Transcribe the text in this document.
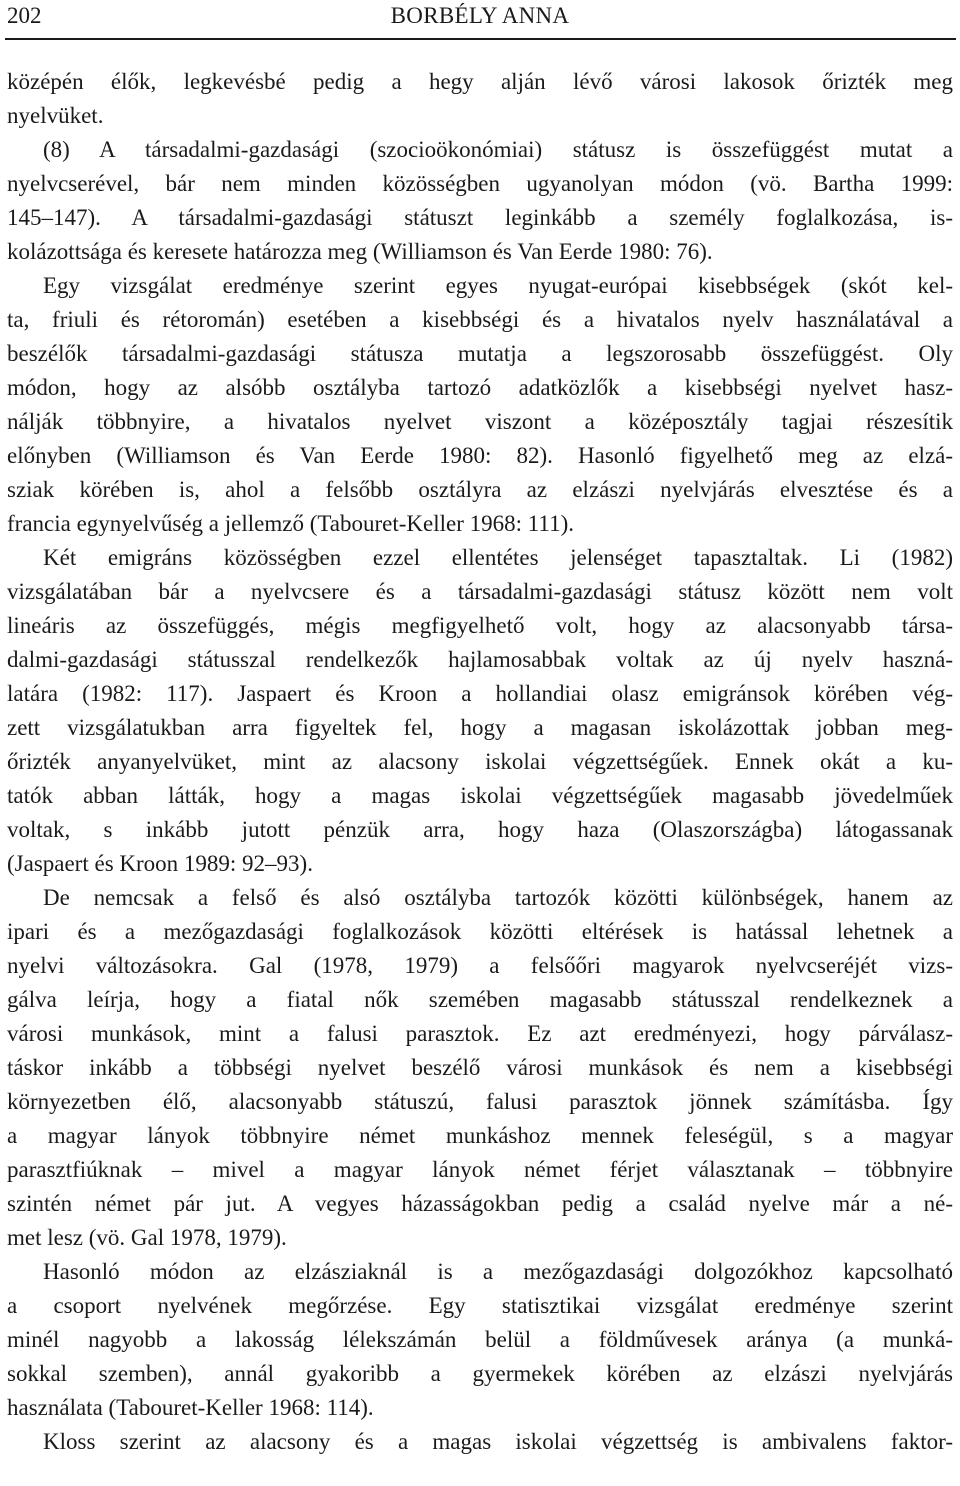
202	BORBÉLY ANNA
középén élők, legkevésbé pedig a hegy alján lévő városi lakosok őrizték meg
nyelvüket.
(8) A társadalmi-gazdasági (szocioökonómiai) státusz is összefüggést mutat a
nyelvcserével, bár nem minden közösségben ugyanolyan módon (vö. Bartha 1999:
145–147). A társadalmi-gazdasági státuszt leginkább a személy foglalkozása, is-
kolázottsága és keresete határozza meg (Williamson és Van Eerde 1980: 76).
Egy vizsgálat eredménye szerint egyes nyugat-európai kisebbségek (skót kel-
ta, friuli és rétoromán) esetében a kisebbségi és a hivatalos nyelv használatával a
beszélők társadalmi-gazdasági státusza mutatja a legszorosabb összefüggést. Oly
módon, hogy az alsóbb osztályba tartozó adatközlők a kisebbségi nyelvet hasz-
nálják többnyire, a hivatalos nyelvet viszont a középosztály tagjai részesítik
előnyben (Williamson és Van Eerde 1980: 82). Hasonló figyelhető meg az elzá-
sziak körében is, ahol a felsőbb osztályra az elzászi nyelvjárás elvesztése és a
francia egynyelvűség a jellemző (Tabouret-Keller 1968: 111).
Két emigráns közösségben ezzel ellentétes jelenséget tapasztaltak. Li (1982)
vizsgálatában bár a nyelvcsere és a társadalmi-gazdasági státusz között nem volt
lineáris az összefüggés, mégis megfigyelhető volt, hogy az alacsonyabb társa-
dalmi-gazdasági státusszal rendelkezők hajlamosabbak voltak az új nyelv haszná-
latára (1982: 117). Jaspaert és Kroon a hollandiai olasz emigránsok körében vég-
zett vizsgálatukban arra figyeltek fel, hogy a magasan iskolázottak jobban meg-
őrizték anyanyelvüket, mint az alacsony iskolai végzettségűek. Ennek okát a ku-
tatók abban látták, hogy a magas iskolai végzettségűek magasabb jövedelműek
voltak, s inkább jutott pénzük arra, hogy haza (Olaszországba) látogassanak
(Jaspaert és Kroon 1989: 92–93).
De nemcsak a felső és alsó osztályba tartozók közötti különbségek, hanem az
ipari és a mezőgazdasági foglalkozások közötti eltérések is hatással lehetnek a
nyelvi változásokra. Gal (1978, 1979) a felsőőri magyarok nyelvcseréjét vizs-
gálva leírja, hogy a fiatal nők szemében magasabb státusszal rendelkeznek a
városi munkások, mint a falusi parasztok. Ez azt eredményezi, hogy párválasz-
táskor inkább a többségi nyelvet beszélő városi munkások és nem a kisebbségi
környezetben élő, alacsonyabb státuszú, falusi parasztok jönnek számításba. Így
a magyar lányok többnyire német munkáshoz mennek feleségül, s a magyar
parasztfiúknak – mivel a magyar lányok német férjet választanak – többnyire
szintén német pár jut. A vegyes házasságokban pedig a család nyelve már a né-
met lesz (vö. Gal 1978, 1979).
Hasonló módon az elzásziaknál is a mezőgazdasági dolgozókhoz kapcsolható
a csoport nyelvének megőrzése. Egy statisztikai vizsgálat eredménye szerint
minél nagyobb a lakosság lélekszámán belül a földművesek aránya (a munká-
sokkal szemben), annál gyakoribb a gyermekek körében az elzászi nyelvjárás
használata (Tabouret-Keller 1968: 114).
Kloss szerint az alacsony és a magas iskolai végzettség is ambivalens faktor-
